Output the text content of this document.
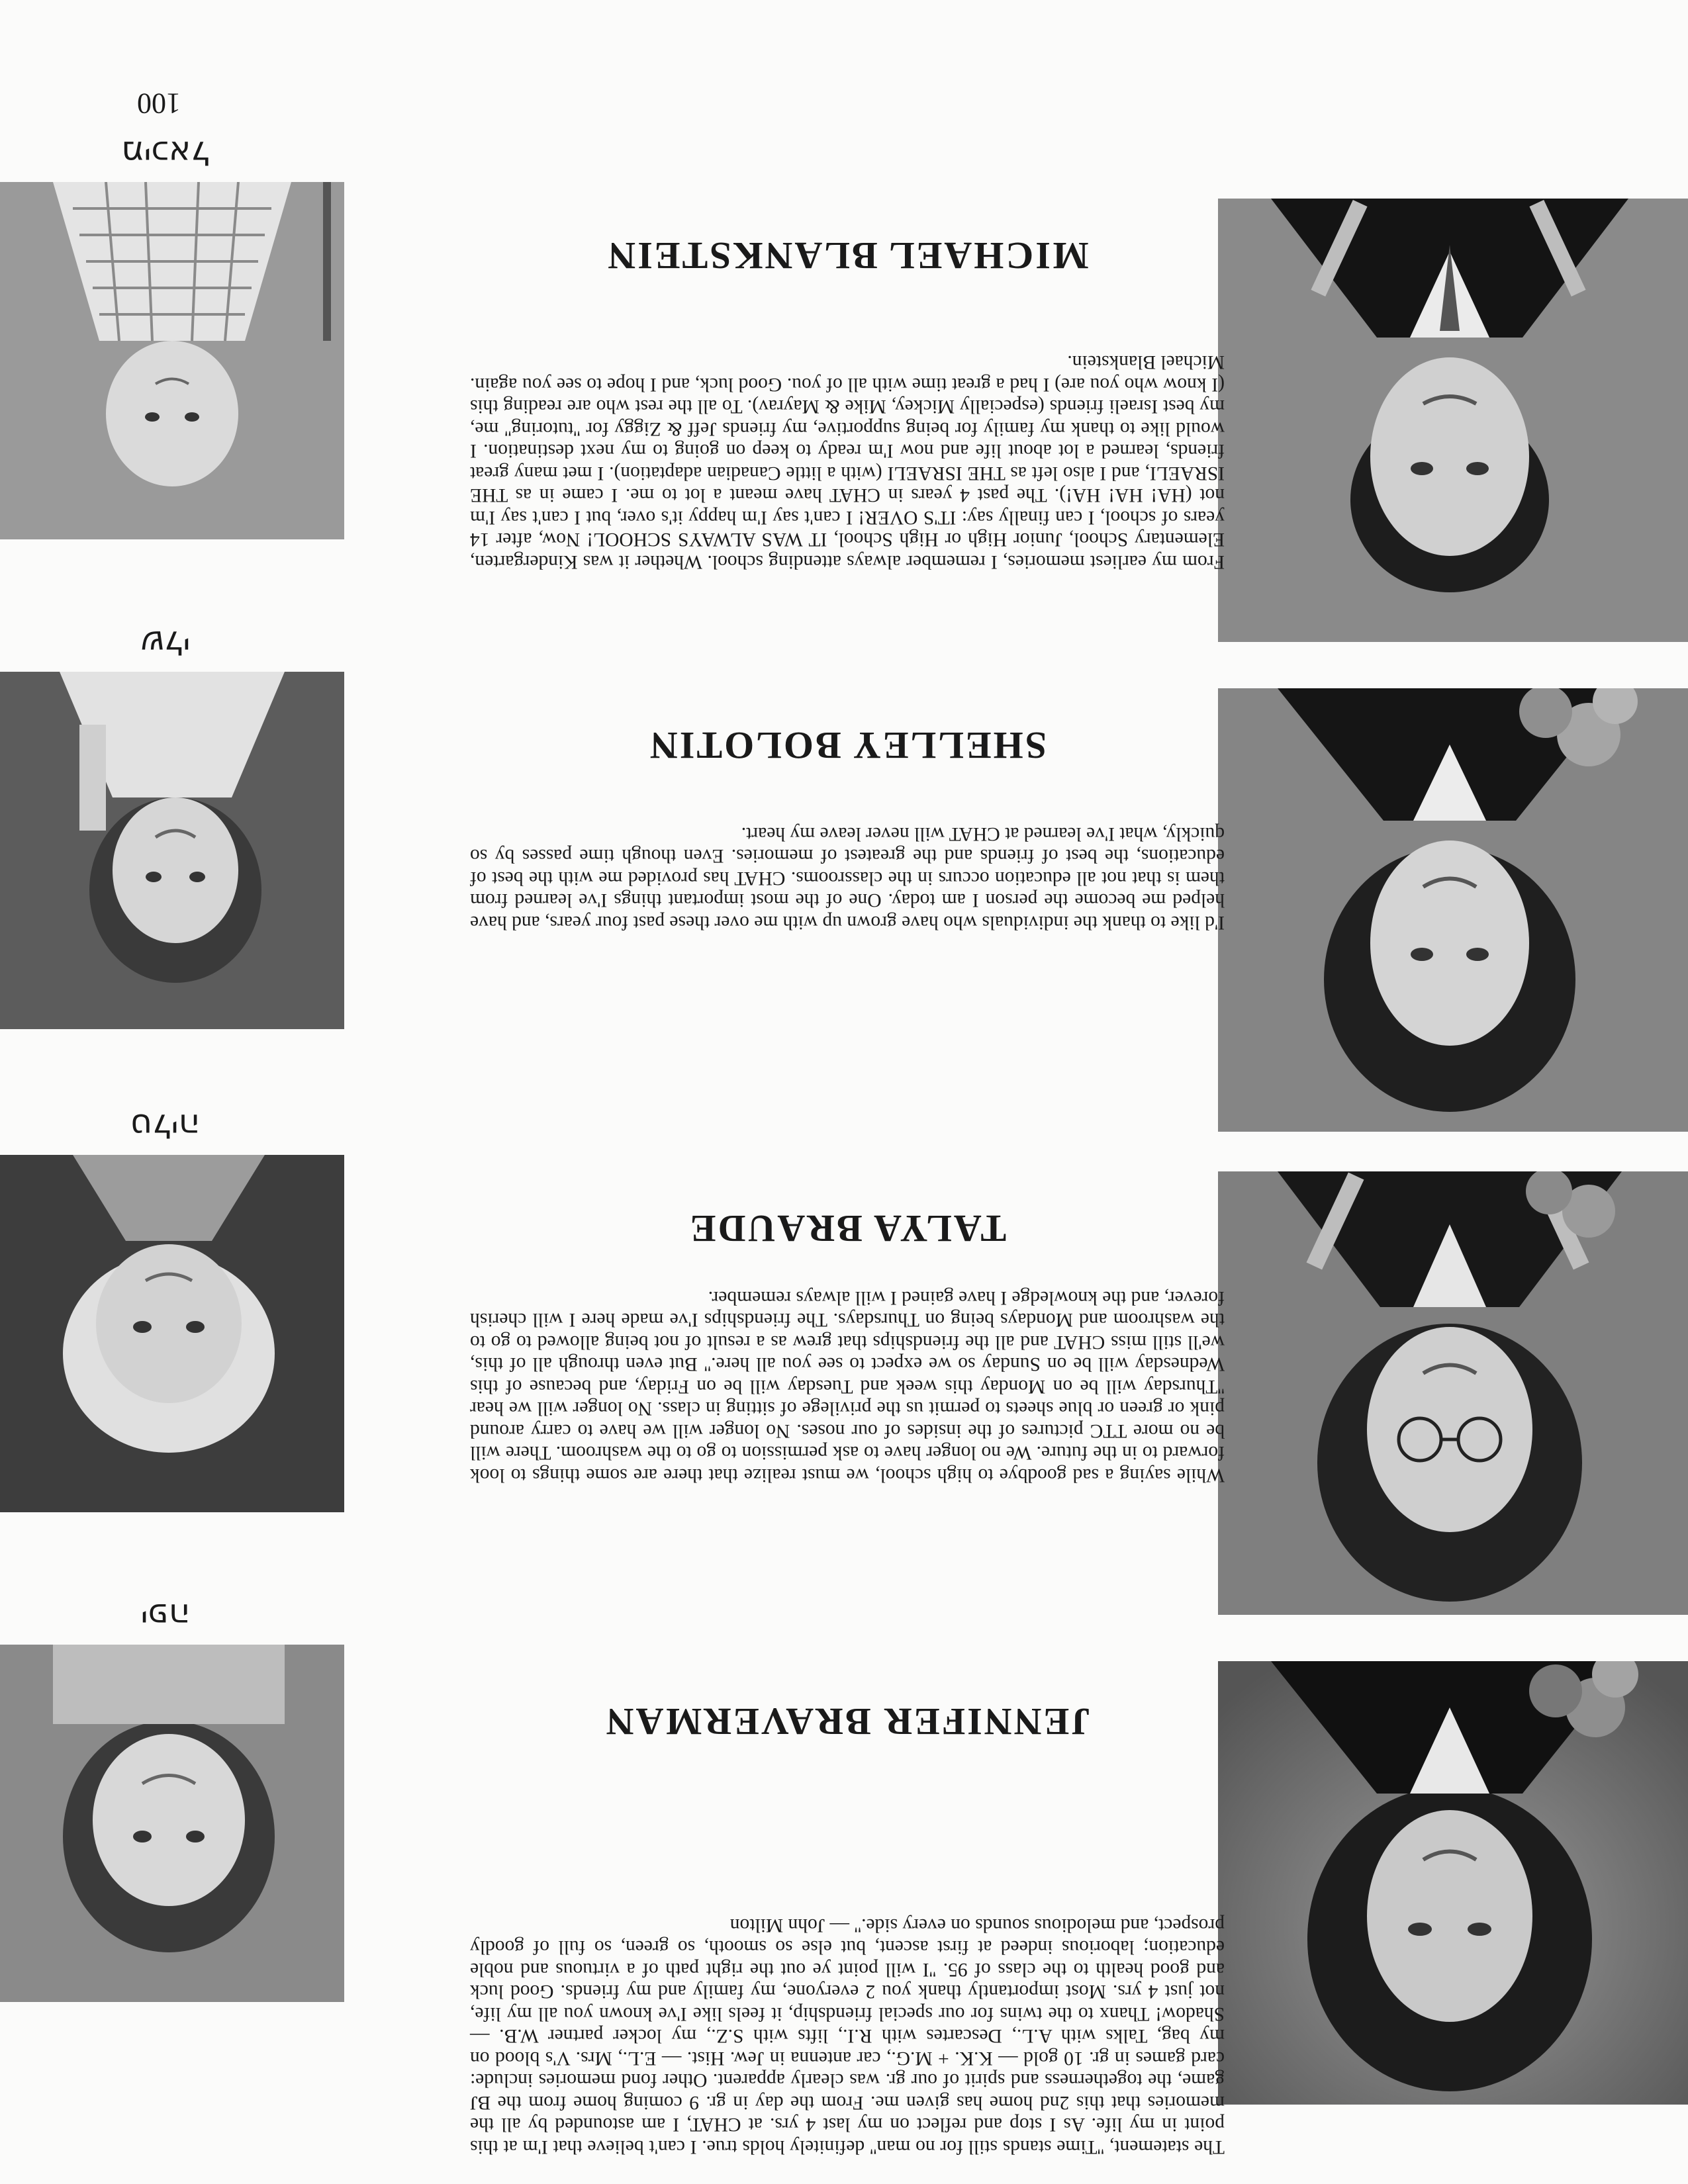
100
JENNIFER BRAVERMAN

The statement, ''Time stands still for no man'' definitely holds true. I can't believe that I'm at this point in my life. As I stop and reflect on my last 4 yrs. at CHAT, I am astounded by all the memories that this 2nd home has given me. From the day in gr. 9 coming home from the BJ game, the togetherness and spirit of our gr. was clearly apparent. Other fond memories include: card games in gr. 10 gold — K.K. + M.G., car antenna in Jew. Hist. — E.L., Mrs. V's blood on my bag, Talks with A.L., Descartes with R.I., lifts with S.Z., my locker partner W.B. — Shadow! Thanx to the twins for our special friendship, it feels like I've known you all my life, not just 4 yrs. Most importantly thank you 2 everyone, my family and my friends. Good luck and good health to the class of 95. ''I will point ye out the right path of a virtuous and noble education; laborious indeed at first ascent, but else so smooth, so green, so full of goodly prospect, and melodious sounds on every side.'' — John Milton

יפה
TALYA BRAUDE

While saying a sad goodbye to high school, we must realize that there are some things to look forward to in the future. We no longer have to ask permission to go to the washroom. There will be no more TTC pictures of the insides of our noses. No longer will we have to carry around pink or green or blue sheets to permit us the privilege of sitting in class. No longer will we hear ''Thursday will be on Monday this week and Tuesday will be on Friday, and because of this Wednesday will be on Sunday so we expect to see you all here.'' But even through all of this, we'll still miss CHAT and all the friendships that grew as a result of not being allowed to go to the washroom and Mondays being on Thursdays. The friendships I've made here I will cherish forever, and the knowledge I have gained I will always remember.

טליה
SHELLEY BOLOTIN

I'd like to thank the individuals who have grown up with me over these past four years, and have helped me become the person I am today. One of the most important things I've learned from them is that not all education occurs in the classrooms. CHAT has provided me with the best of educations, the best of friends and the greatest of memories. Even though time passes by so quickly, what I've learned at CHAT will never leave my heart.

שלי
MICHAEL BLANKSTEIN

From my earliest memories, I remember always attending school. Whether it was Kindergarten, Elementary School, Junior High or High School, IT WAS ALWAYS SCHOOL! Now, after 14 years of school, I can finally say: IT'S OVER! I can't say I'm happy it's over, but I can't say I'm not (HA! HA! HA!). The past 4 years in CHAT have meant a lot to me. I came in as THE ISRAELI, and I also left as THE ISRAELI (with a little Canadian adaptation). I met many great friends, learned a lot about life and now I'm ready to keep on going to my next destination. I would like to thank my family for being supportive, my friends Jeff & Ziggy for ''tutoring'' me, my best Israeli friends (especially Mickey, Mike & Mayrav). To all the rest who are reading this (I know who you are) I had a great time with all of you. Good luck, and I hope to see you again. Michael Blankstein.

מיכאל
